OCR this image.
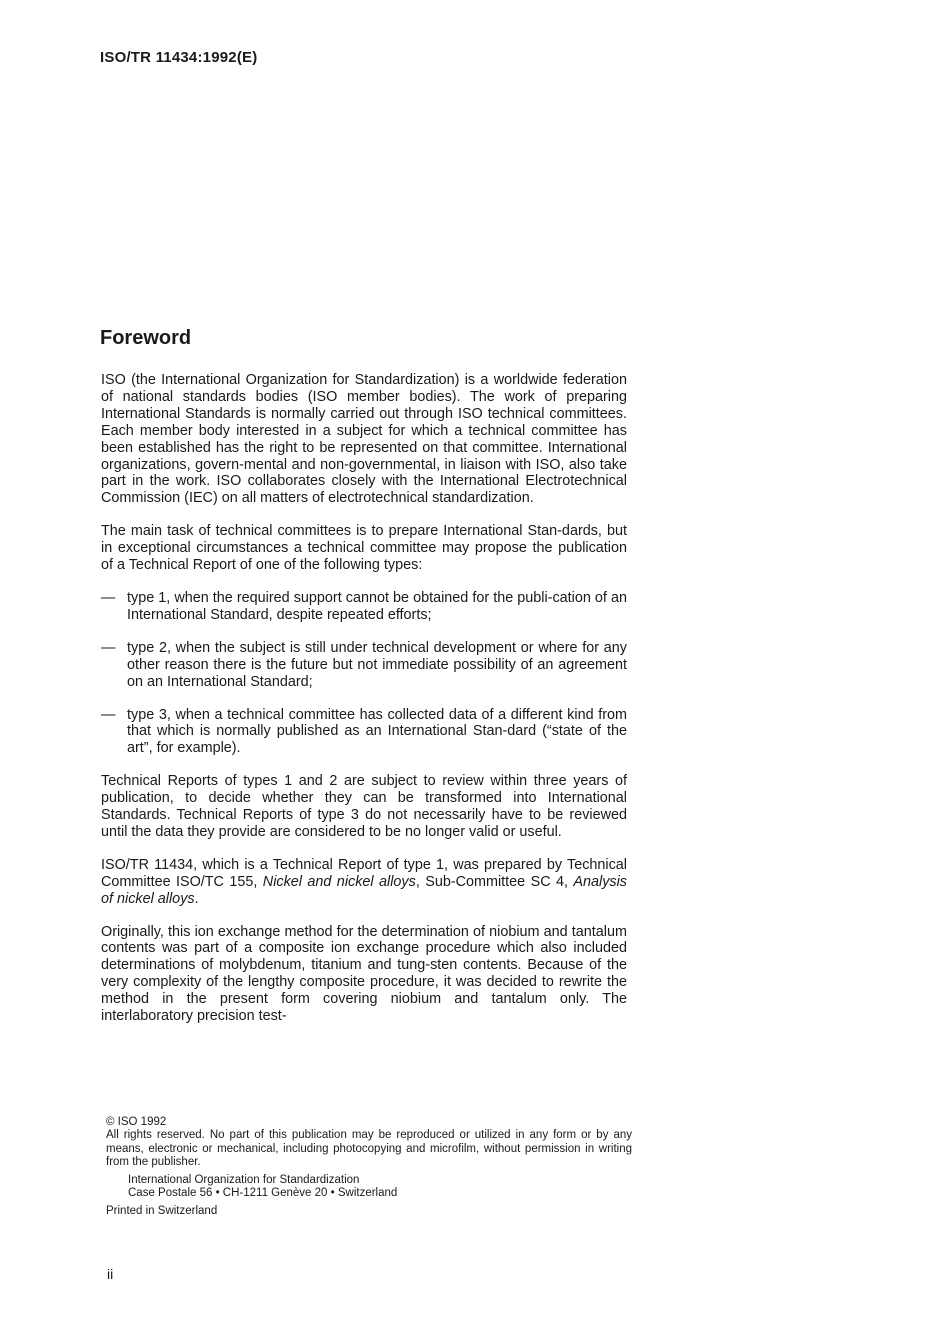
ISO/TR 11434:1992(E)
Foreword

ISO (the International Organization for Standardization) is a worldwide federation of national standards bodies (ISO member bodies). The work of preparing International Standards is normally carried out through ISO technical committees. Each member body interested in a subject for which a technical committee has been established has the right to be represented on that committee. International organizations, govern-mental and non-governmental, in liaison with ISO, also take part in the work. ISO collaborates closely with the International Electrotechnical Commission (IEC) on all matters of electrotechnical standardization.

The main task of technical committees is to prepare International Stan-dards, but in exceptional circumstances a technical committee may propose the publication of a Technical Report of one of the following types:

— type 1, when the required support cannot be obtained for the publi-cation of an International Standard, despite repeated efforts;
— type 2, when the subject is still under technical development or where for any other reason there is the future but not immediate possibility of an agreement on an International Standard;
— type 3, when a technical committee has collected data of a different kind from that which is normally published as an International Stan-dard (“state of the art”, for example).

Technical Reports of types 1 and 2 are subject to review within three years of publication, to decide whether they can be transformed into International Standards. Technical Reports of type 3 do not necessarily have to be reviewed until the data they provide are considered to be no longer valid or useful.

ISO/TR 11434, which is a Technical Report of type 1, was prepared by Technical Committee ISO/TC 155, Nickel and nickel alloys, Sub-Committee SC 4, Analysis of nickel alloys.

Originally, this ion exchange method for the determination of niobium and tantalum contents was part of a composite ion exchange procedure which also included determinations of molybdenum, titanium and tung-sten contents. Because of the very complexity of the lengthy composite procedure, it was decided to rewrite the method in the present form covering niobium and tantalum only. The interlaboratory precision test-

© ISO 1992

All rights reserved. No part of this publication may be reproduced or utilized in any form or by any means, electronic or mechanical, including photocopying and microfilm, without permission in writing from the publisher.

International Organization for Standardization
Case Postale 56 • CH-1211 Genève 20 • Switzerland

Printed in Switzerland

ii
